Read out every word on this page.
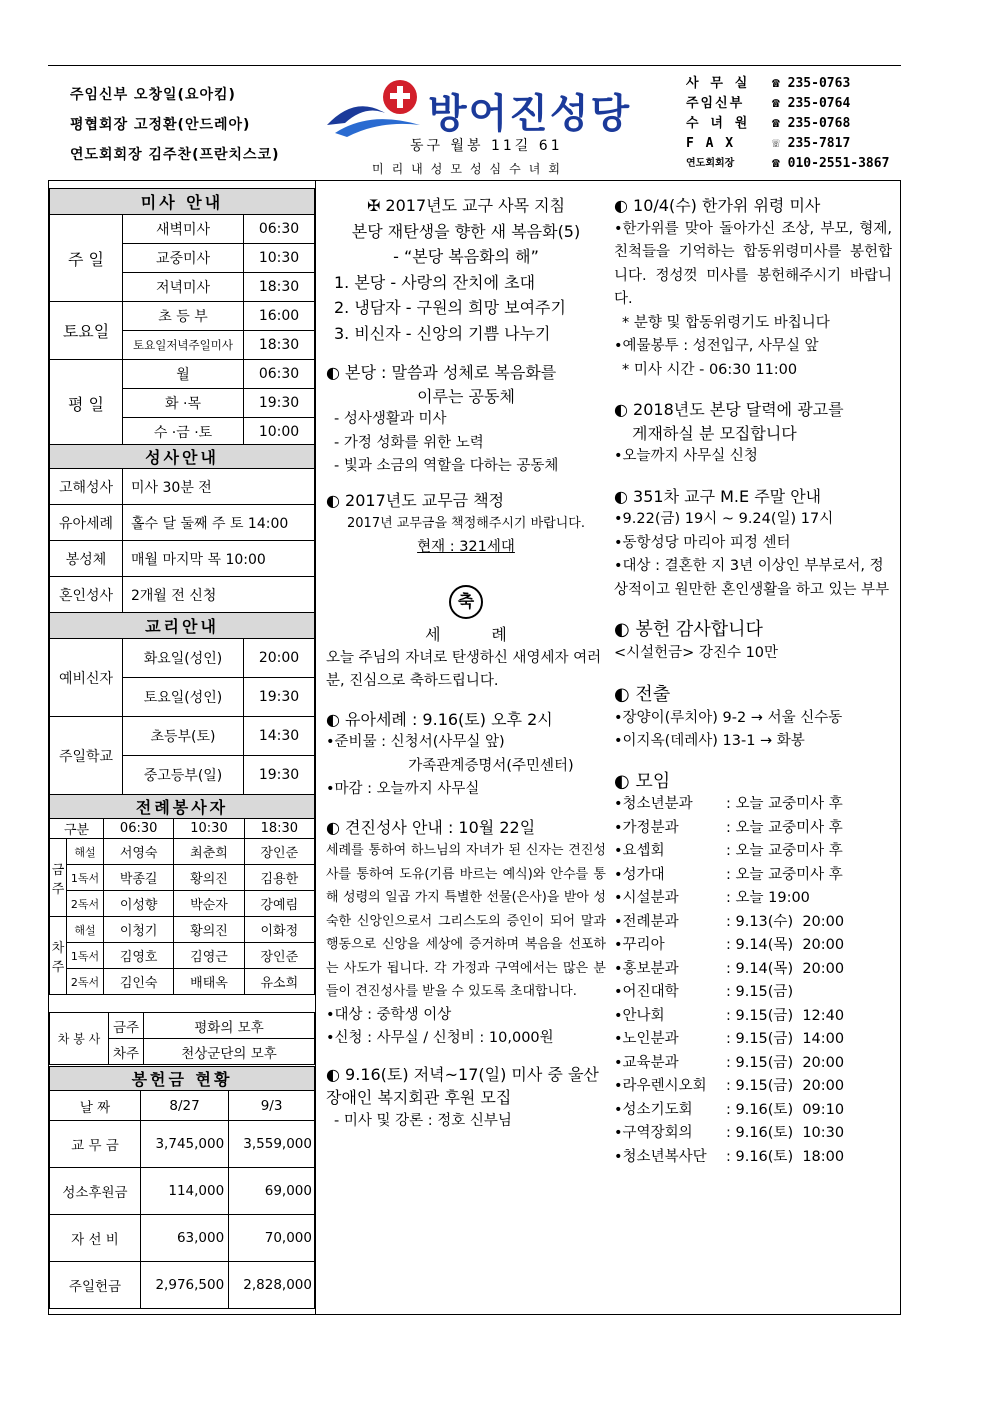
주임신부 오창일(요아킴)
평협회장 고정환(안드레아)
연도회회장 김주찬(프란치스코)
방어진성당
동구 월봉 11길 61
미리내성모성심수녀회
사 무 실	☎ 235-0763
주임신부	☎ 235-0764
수 녀 원	☎ 235-0768
F A X	☏ 235-7817
연도회회장	☎ 010-2551-3867
미사 안내		
주 일	새벽미사	06:30
	교중미사	10:30
	저녁미사	18:30
토요일	초 등 부	16:00
	토요일저녁주일미사	18:30
평 일	월	06:30
	화 ·목	19:30
	수 ·금 ·토	10:00
성사안내	
고해성사	미사 30분 전
유아세례	홀수 달 둘째 주 토 14:00
봉성체	매월 마지막 목 10:00
혼인성사	2개월 전 신청
교리안내		
예비신자	화요일(성인)	20:00
	토요일(성인)	19:30
주일학교	초등부(토)	14:30
	중고등부(일)	19:30
전례봉사자				
구분		06:30	10:30	18:30
금주	해설	서영숙	최춘희	장인준
	1독서	박종길	황의진	김용한
	2독서	이성향	박순자	강예림
차주	해설	이청기	황의진	이화정
	1독서	김영호	김영근	장인준
	2독서	김인숙	배태옥	유소희
차 봉 사	금주	평화의 모후
	차주	천상군단의 모후
봉헌금 현황		
날 짜	8/27	9/3
교 무 금	3,745,000	3,559,000
성소후원금	114,000	69,000
자 선 비	63,000	70,000
주일헌금	2,976,500	2,828,000

✠ 2017년도 교구 사목 지침

본당 재탄생을 향한 새 복음화(5)

- “본당 복음화의 해”

1. 본당 - 사랑의 잔치에 초대

2. 냉담자 - 구원의 희망 보여주기

3. 비신자 - 신앙의 기쁨 나누기

◐ 본당 : 말씀과 성체로 복음화를

이루는 공동체

- 성사생활과 미사

- 가정 성화를 위한 노력

- 빛과 소금의 역할을 다하는 공동체

◐ 2017년도 교무금 책정

2017년 교무금을 책정해주시기 바랍니다.

현재 : 321세대

축

세          례

오늘 주님의 자녀로 탄생하신 새영세자 여러분, 진심으로 축하드립니다.

◐ 유아세례 : 9.16(토) 오후 2시

•준비물 : 신청서(사무실 앞)

가족관계증명서(주민센터)

•마감 : 오늘까지 사무실

◐ 견진성사 안내 : 10월 22일

세례를 통하여 하느님의 자녀가 된 신자는 견진성사를 통하여 도유(기름 바르는 예식)와 안수를 통해 성령의 일곱 가지 특별한 선물(은사)을 받아 성숙한 신앙인으로서 그리스도의 증인이 되어 말과 행동으로 신앙을 세상에 증거하며 복음을 선포하는 사도가 됩니다. 각 가정과 구역에서는 많은 분들이 견진성사를 받을 수 있도록 초대합니다.

•대상 : 중학생 이상

•신청 : 사무실 / 신청비 : 10,000원

◐ 9.16(토) 저녁~17(일) 미사 중 울산 장애인 복지회관 후원 모집

- 미사 및 강론 : 정호 신부님

◐ 10/4(수) 한가위 위령 미사

•한가위를 맞아 돌아가신 조상, 부모, 형제, 친척들을 기억하는 합동위령미사를 봉헌합니다. 정성껏 미사를 봉헌해주시기 바랍니다.

* 분향 및 합동위령기도 바칩니다

•예물봉투 : 성전입구, 사무실 앞

* 미사 시간 - 06:30 11:00

◐ 2018년도 본당 달력에 광고를

게재하실 분 모집합니다

•오늘까지 사무실 신청

◐ 351차 교구 M.E 주말 안내

•9.22(금) 19시 ~ 9.24(일) 17시

•동항성당 마리아 피정 센터

•대상 : 결혼한 지 3년 이상인 부부로서, 정상적이고 원만한 혼인생활을 하고 있는 부부

◐ 봉헌 감사합니다

<시설헌금> 강진수 10만

◐ 전출

•장양이(루치아) 9-2 → 서울 신수동

•이지옥(데레사) 13-1 → 화봉

◐ 모임

•청소년분과	: 오늘 교중미사 후
•가정분과	: 오늘 교중미사 후
•요셉회	: 오늘 교중미사 후
•성가대	: 오늘 교중미사 후
•시설분과	: 오늘 19:00
•전례분과	: 9.13(수)  20:00
•꾸리아	: 9.14(목)  20:00
•홍보분과	: 9.14(목)  20:00
•어진대학	: 9.15(금)
•안나회	: 9.15(금)  12:40
•노인분과	: 9.15(금)  14:00
•교육분과	: 9.15(금)  20:00
•라우렌시오회	: 9.15(금)  20:00
•성소기도회	: 9.16(토)  09:10
•구역장회의	: 9.16(토)  10:30
•청소년복사단	: 9.16(토)  18:00
